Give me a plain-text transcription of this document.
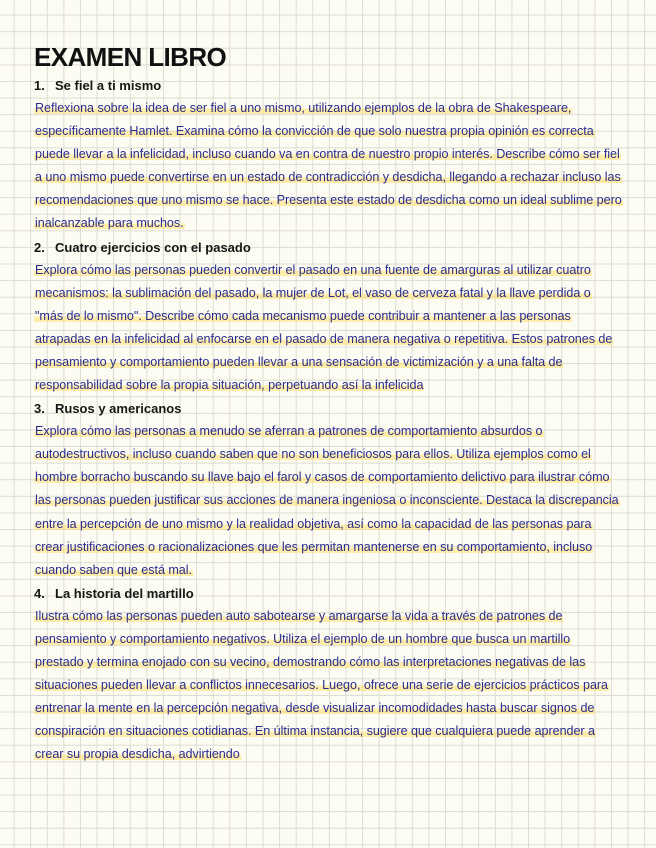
EXAMEN LIBRO
1. Se fiel a ti mismo

Reflexiona sobre la idea de ser fiel a uno mismo, utilizando ejemplos de la obra de Shakespeare, específicamente Hamlet. Examina cómo la convicción de que solo nuestra propia opinión es correcta puede llevar a la infelicidad, incluso cuando va en contra de nuestro propio interés. Describe cómo ser fiel a uno mismo puede convertirse en un estado de contradicción y desdicha, llegando a rechazar incluso las recomendaciones que uno mismo se hace. Presenta este estado de desdicha como un ideal sublime pero inalcanzable para muchos.

2. Cuatro ejercicios con el pasado

Explora cómo las personas pueden convertir el pasado en una fuente de amarguras al utilizar cuatro mecanismos: la sublimación del pasado, la mujer de Lot, el vaso de cerveza fatal y la llave perdida o "más de lo mismo". Describe cómo cada mecanismo puede contribuir a mantener a las personas atrapadas en la infelicidad al enfocarse en el pasado de manera negativa o repetitiva. Estos patrones de pensamiento y comportamiento pueden llevar a una sensación de victimización y a una falta de responsabilidad sobre la propia situación, perpetuando así la infelicida

3. Rusos y americanos

Explora cómo las personas a menudo se aferran a patrones de comportamiento absurdos o autodestructivos, incluso cuando saben que no son beneficiosos para ellos. Utiliza ejemplos como el hombre borracho buscando su llave bajo el farol y casos de comportamiento delictivo para ilustrar cómo las personas pueden justificar sus acciones de manera ingeniosa o inconsciente. Destaca la discrepancia entre la percepción de uno mismo y la realidad objetiva, así como la capacidad de las personas para crear justificaciones o racionalizaciones que les permitan mantenerse en su comportamiento, incluso cuando saben que está mal.

4. La historia del martillo

Ilustra cómo las personas pueden auto sabotearse y amargarse la vida a través de patrones de pensamiento y comportamiento negativos. Utiliza el ejemplo de un hombre que busca un martillo prestado y termina enojado con su vecino, demostrando cómo las interpretaciones negativas de las situaciones pueden llevar a conflictos innecesarios. Luego, ofrece una serie de ejercicios prácticos para entrenar la mente en la percepción negativa, desde visualizar incomodidades hasta buscar signos de conspiración en situaciones cotidianas. En última instancia, sugiere que cualquiera puede aprender a crear su propia desdicha, advirtiendo
